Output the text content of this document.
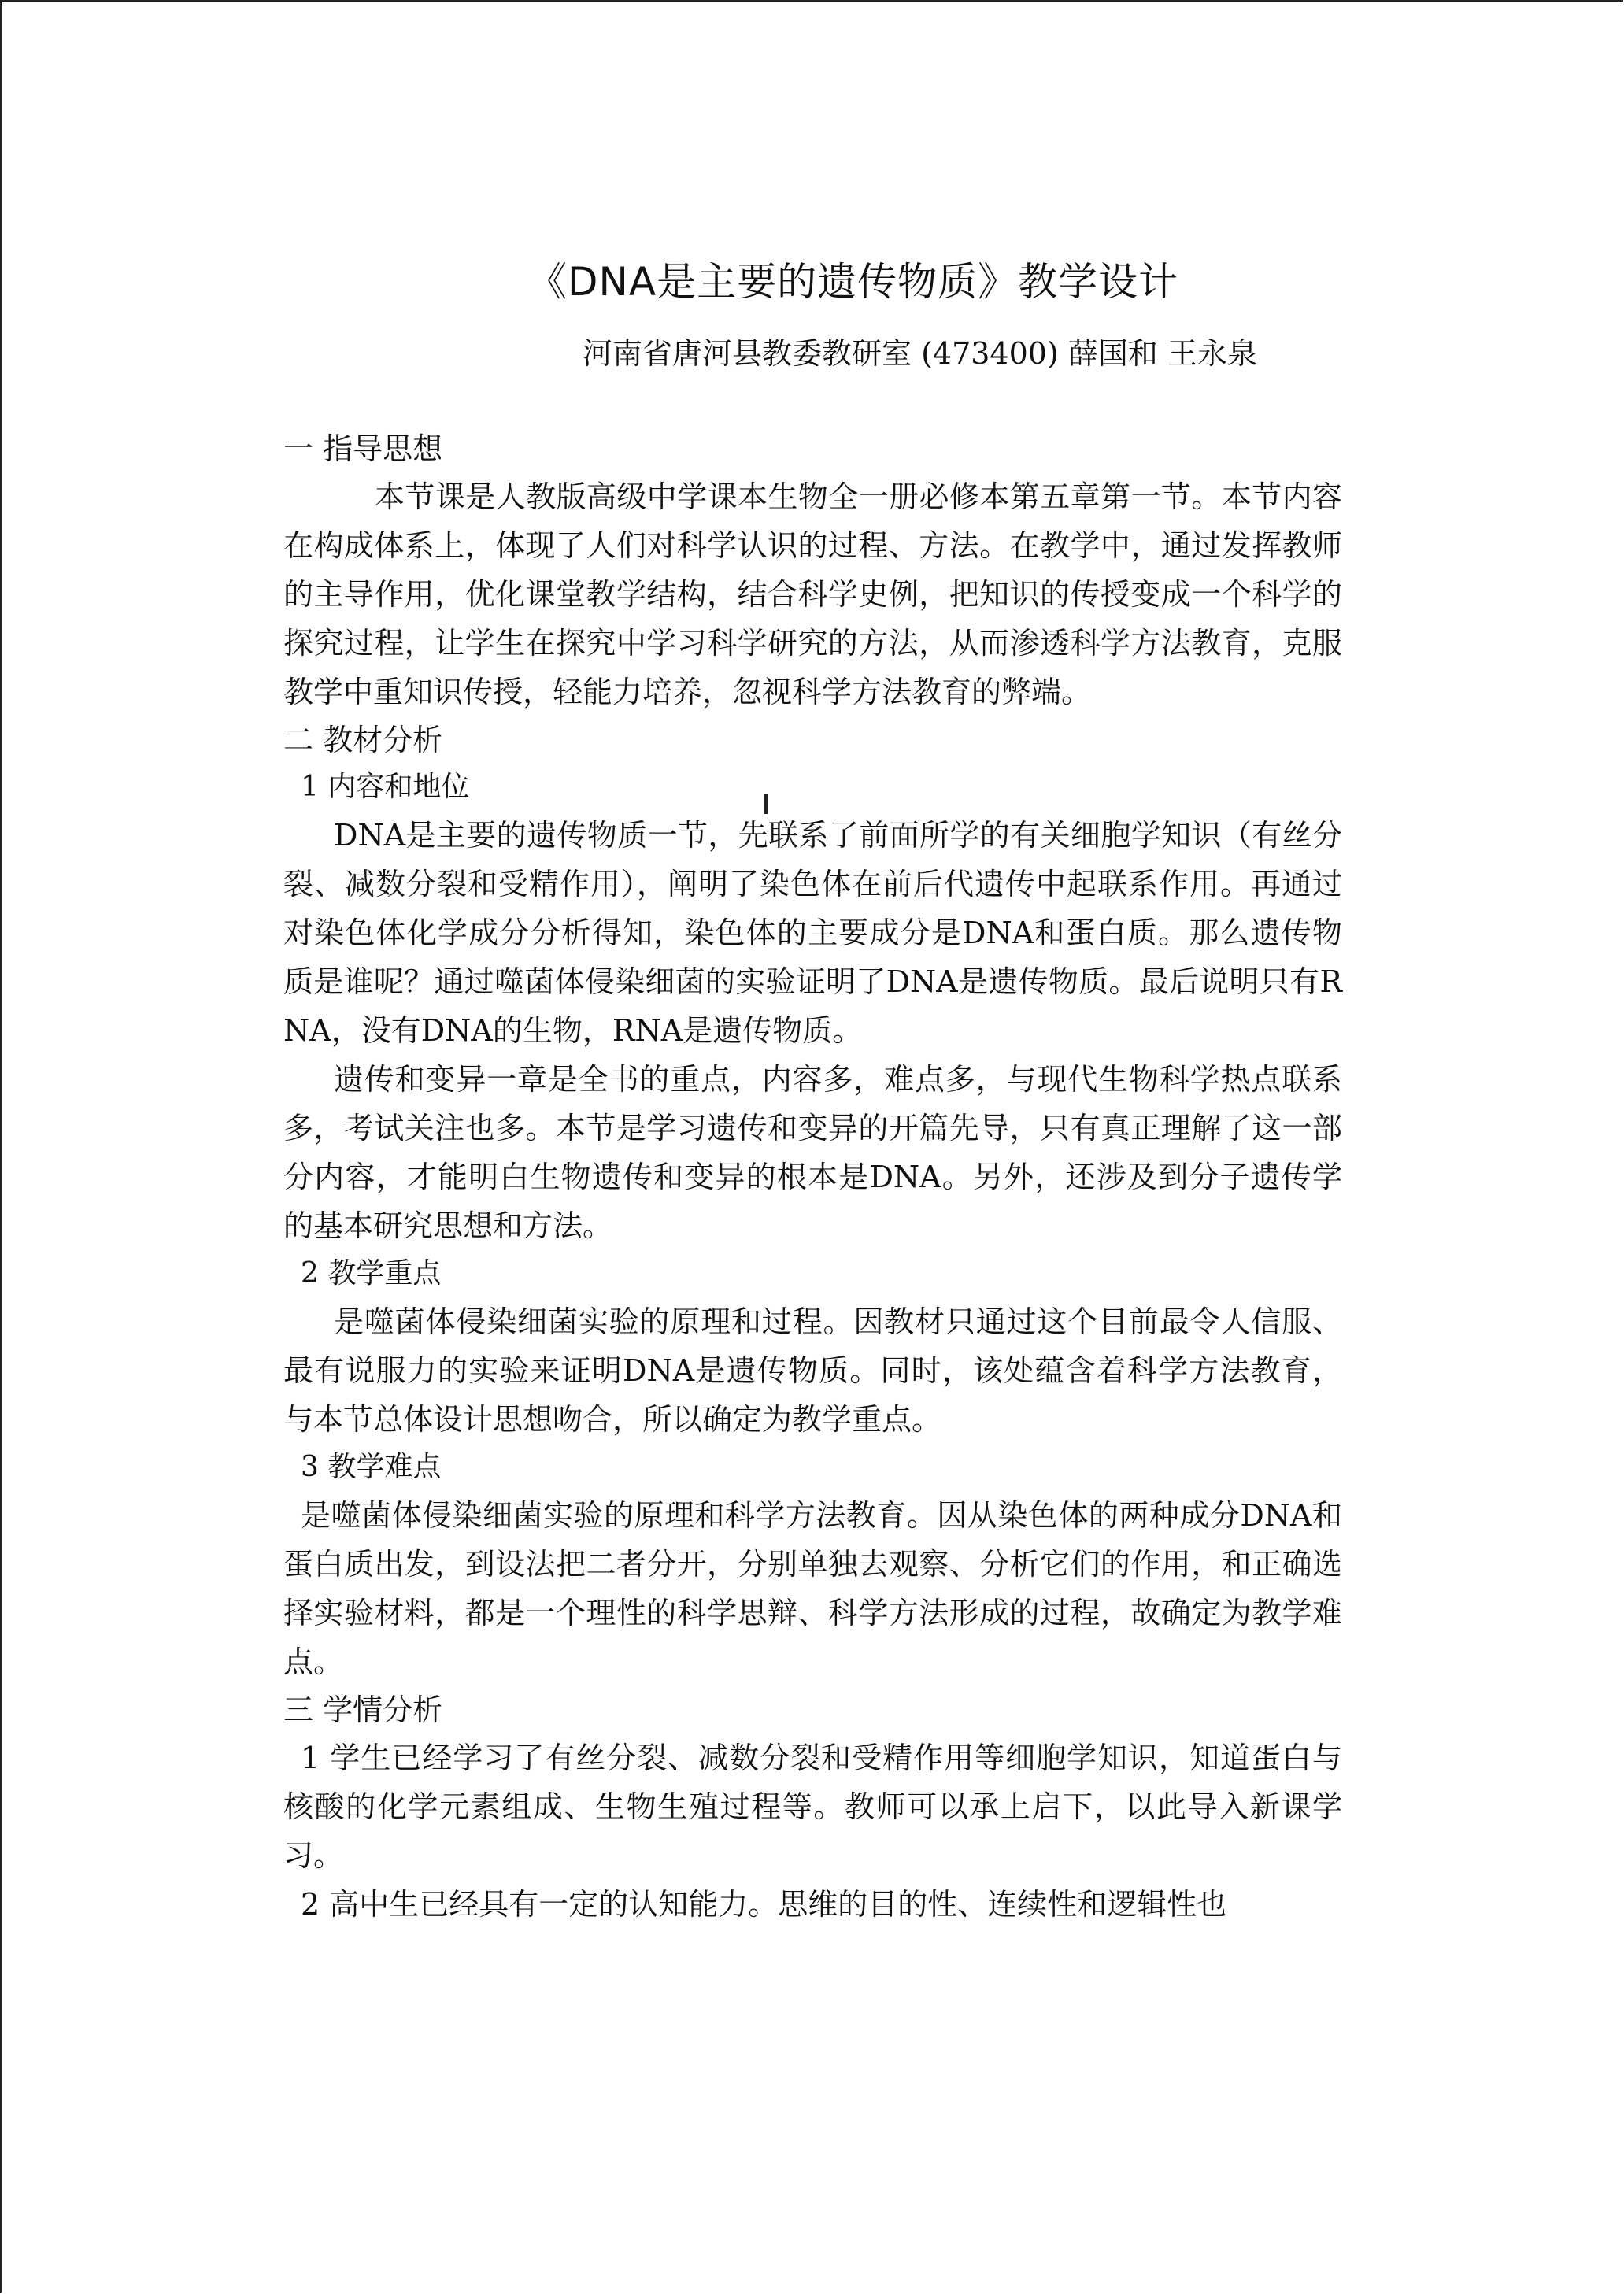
《DNA是主要的遗传物质》教学设计
河南省唐河县教委教研室 (473400) 薛国和 王永泉
一 指导思想

本节课是人教版高级中学课本生物全一册必修本第五章第一节。本节内容在构成体系上，体现了人们对科学认识的过程、方法。在教学中，通过发挥教师的主导作用，优化课堂教学结构，结合科学史例，把知识的传授变成一个科学的探究过程，让学生在探究中学习科学研究的方法，从而渗透科学方法教育，克服教学中重知识传授，轻能力培养，忽视科学方法教育的弊端。

二 教材分析
1 内容和地位

DNA是主要的遗传物质一节，先联系了前面所学的有关细胞学知识（有丝分裂、减数分裂和受精作用），阐明了染色体在前后代遗传中起联系作用。再通过对染色体化学成分分析得知，染色体的主要成分是DNA和蛋白质。那么遗传物质是谁呢？通过噬菌体侵染细菌的实验证明了DNA是遗传物质。最后说明只有RNA，没有DNA的生物，RNA是遗传物质。

遗传和变异一章是全书的重点，内容多，难点多，与现代生物科学热点联系多，考试关注也多。本节是学习遗传和变异的开篇先导，只有真正理解了这一部分内容，才能明白生物遗传和变异的根本是DNA。另外，还涉及到分子遗传学的基本研究思想和方法。

2 教学重点

是噬菌体侵染细菌实验的原理和过程。因教材只通过这个目前最令人信服、最有说服力的实验来证明DNA是遗传物质。同时，该处蕴含着科学方法教育，与本节总体设计思想吻合，所以确定为教学重点。

3 教学难点

是噬菌体侵染细菌实验的原理和科学方法教育。因从染色体的两种成分DNA和蛋白质出发，到设法把二者分开，分别单独去观察、分析它们的作用，和正确选择实验材料，都是一个理性的科学思辩、科学方法形成的过程，故确定为教学难点。

三 学情分析

1 学生已经学习了有丝分裂、减数分裂和受精作用等细胞学知识，知道蛋白与核酸的化学元素组成、生物生殖过程等。教师可以承上启下，以此导入新课学习。

2 高中生已经具有一定的认知能力。思维的目的性、连续性和逻辑性也
